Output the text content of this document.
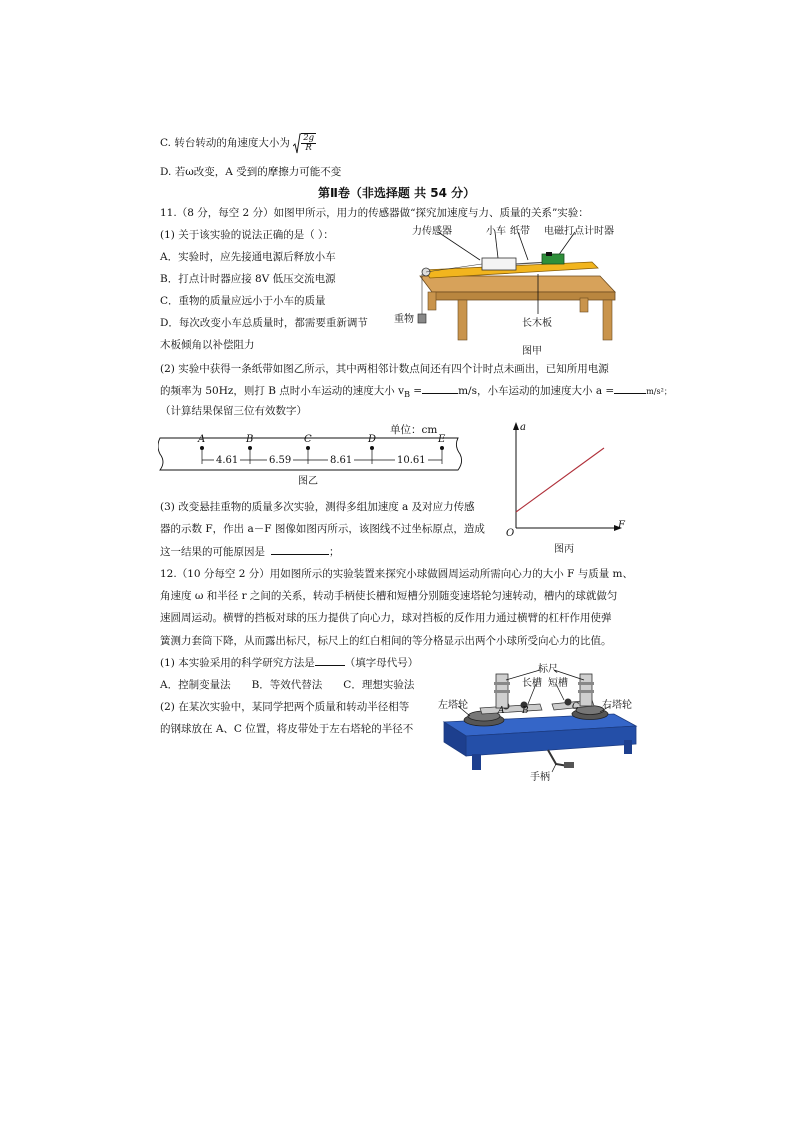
C. 转台转动的角速度大小为 $\frac{2g}{R}$
D. 若ω改变，A 受到的摩擦力可能不变
第Ⅱ卷（非选择题 共 54 分）
11.（8 分，每空 2 分）如图甲所示，用力的传感器做“探究加速度与力、质量的关系”实验：
(1) 关于该实验的说法正确的是（ ）：
A．实验时，应先接通电源后释放小车
B．打点计时器应接 8V 低压交流电源
C．重物的质量应远小于小车的质量
D．每次改变小车总质量时，都需要重新调节
木板倾角以补偿阻力
力传感器	小车 纸带 电磁打点计时器
重物	长木板
图甲
(2) 实验中获得一条纸带如图乙所示，其中两相邻计数点间还有四个计时点未画出，已知所用电源
的频率为 50Hz，则打 B 点时小车运动的速度大小 $v_B$ =	m/s，小车运动的加速度大小 a =	m/s²；
（计算结果保留三位有效数字）
单位：cm
A	B	C	D	E
4.61	6.59	8.61	10.61
图乙
a
F
O
图丙
(3) 改变悬挂重物的质量多次实验，测得多组加速度 a 及对应力传感
器的示数 F，作出 a－F 图像如图丙所示，该图线不过坐标原点，造成
这一结果的可能原因是	；
12.（10 分每空 2 分）用如图所示的实验装置来探究小球做圆周运动所需向心力的大小 F 与质量 m、
角速度 ω 和半径 r 之间的关系，转动手柄使长槽和短槽分别随变速塔轮匀速转动，槽内的球就做匀
速圆周运动。横臂的挡板对球的压力提供了向心力，球对挡板的反作用力通过横臂的杠杆作用使弹
簧测力套筒下降，从而露出标尺，标尺上的红白相间的等分格显示出两个小球所受向心力的比值。
(1) 本实验采用的科学研究方法是	（填字母代号）
A．控制变量法　　B．等效代替法　　C．理想实验法
(2) 在某次实验中，某同学把两个质量和转动半径相等
的钢球放在 A、C 位置，将皮带处于左右塔轮的半径不
标尺
长槽 短槽
左塔轮	右塔轮
A B	C
手柄
